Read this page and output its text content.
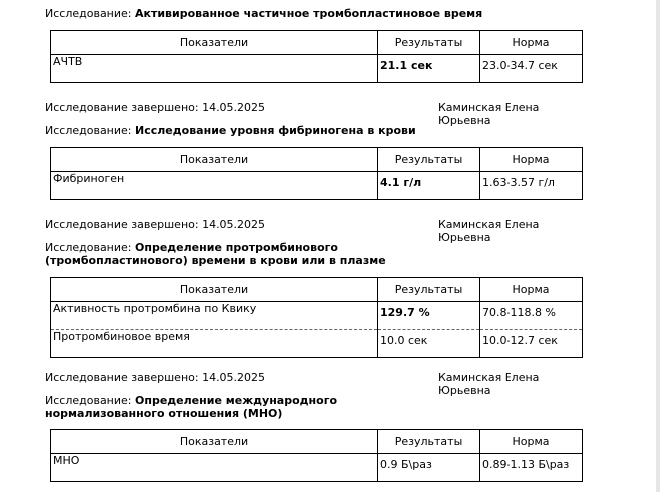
Исследование: Активированное частичное тромбопластиновое время
Показатели	Результаты	Норма
АЧТВ	21.1 сек	23.0-34.7 сек
Исследование завершено: 14.05.2025	Каминская Елена Юрьевна
Исследование: Исследование уровня фибриногена в крови
Показатели	Результаты	Норма
Фибриноген	4.1 г/л	1.63-3.57 г/л
Исследование завершено: 14.05.2025	Каминская Елена Юрьевна
Исследование: Определение протромбинового
(тромбопластинового) времени в крови или в плазме
Показатели	Результаты	Норма
Активность протромбина по Квику	129.7 %	70.8-118.8 %
Протромбиновое время	10.0 сек	10.0-12.7 сек
Исследование завершено: 14.05.2025	Каминская Елена Юрьевна
Исследование: Определение международного
нормализованного отношения (МНО)
Показатели	Результаты	Норма
МНО	0.9 Б\раз	0.89-1.13 Б\раз
